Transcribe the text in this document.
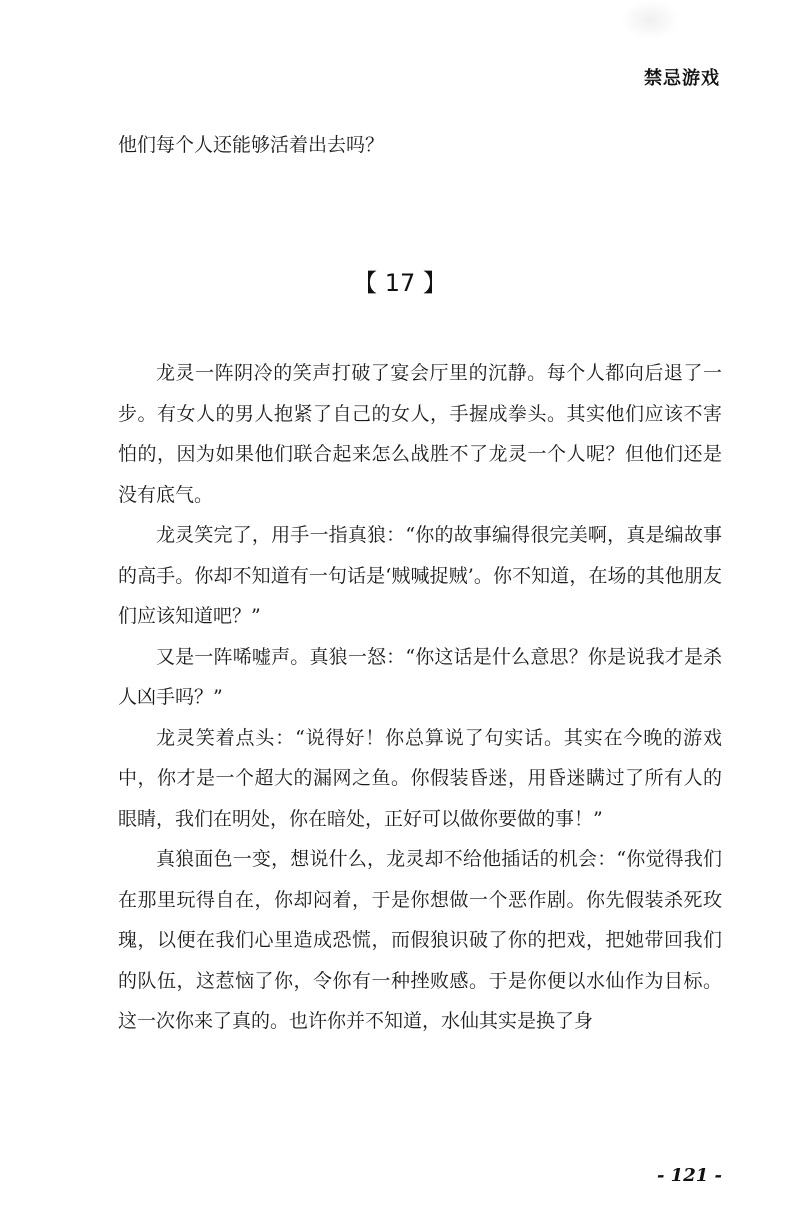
禁忌游戏
他们每个人还能够活着出去吗？
【 17 】

龙灵一阵阴冷的笑声打破了宴会厅里的沉静。每个人都向后退了一步。有女人的男人抱紧了自己的女人，手握成拳头。其实他们应该不害怕的，因为如果他们联合起来怎么战胜不了龙灵一个人呢？但他们还是没有底气。

龙灵笑完了，用手一指真狼：“你的故事编得很完美啊，真是编故事的高手。你却不知道有一句话是‘贼喊捉贼’。你不知道，在场的其他朋友们应该知道吧？”

又是一阵唏嘘声。真狼一怒：“你这话是什么意思？你是说我才是杀人凶手吗？”

龙灵笑着点头：“说得好！你总算说了句实话。其实在今晚的游戏中，你才是一个超大的漏网之鱼。你假装昏迷，用昏迷瞒过了所有人的眼睛，我们在明处，你在暗处，正好可以做你要做的事！”

真狼面色一变，想说什么，龙灵却不给他插话的机会：“你觉得我们在那里玩得自在，你却闷着，于是你想做一个恶作剧。你先假装杀死玫瑰，以便在我们心里造成恐慌，而假狼识破了你的把戏，把她带回我们的队伍，这惹恼了你，令你有一种挫败感。于是你便以水仙作为目标。这一次你来了真的。也许你并不知道，水仙其实是换了身

- 121 -
